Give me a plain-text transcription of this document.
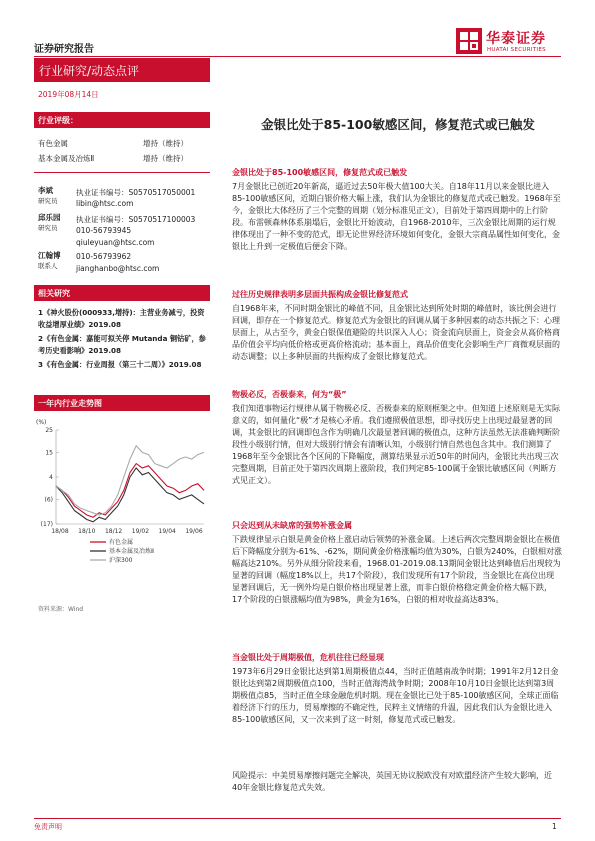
证券研究报告
华泰证券
HUATAI SECURITIES
行业研究/动态点评
2019年08月14日
行业评级：
有色金属	增持（维持）
基本金属及冶炼Ⅱ	增持（维持）
李斌
研究员
执业证书编号：S0570517050001
libin@htsc.com
邱乐园
研究员
执业证书编号：S0570517100003
010-56793945
qiuleyuan@htsc.com
江翰博
联系人
010-56793962
jianghanbo@htsc.com
相关研究
1《神火股份(000933,增持)：主营业务减亏，投资收益增厚业绩》2019.08
2《有色金属：嘉能可拟关停 Mutanda 铜钴矿，参考历史看影响》2019.08
3《有色金属：行业周报（第三十二周）》2019.08
一年内行业走势图
(%)
25
15
4
(6)
(17)
18/08 18/10 18/12 19/02 19/04 19/06
有色金属
基本金属及冶炼Ⅱ
沪深300
资料来源：Wind
金银比处于85-100敏感区间，修复范式或已触发
金银比处于85-100敏感区间，修复范式或已触发
7月金银比已创近20年新高，逼近过去50年极大值100大关。自18年11月以来金银比进入85-100敏感区间，近期白银价格大幅上涨，我们认为金银比的修复范式或已触发。1968年至今，金银比大体经历了三个完整的周期（划分标准见正文），目前处于第四周期中的上行阶段。布雷顿森林体系崩塌后，金银比开始波动，自1968-2010年，三次金银比周期的运行规律体现出了一种不变的范式，即无论世界经济环境如何变化，金银大宗商品属性如何变化，金银比上升到一定极值后便会下降。
过往历史规律表明多层面共振构成金银比修复范式
自1968年来，不同时期金银比的峰值不同，且金银比达到所处时期的峰值时，该比例会进行回调，即存在一个修复范式。修复范式为金银比的回调从属于多种因素的动态共振之下：心理层面上，从古至今，黄金白银保值避险的共识深入人心；资金流向层面上，资金会从高价格商品价值会平均向低价格或更高价格流动；基本面上，商品价值变化会影响生产厂商微观层面的动态调整；以上多种层面的共振构成了金银比修复范式。
物极必反，否极泰来，何为“极”
我们知道事物运行规律从属于物极必反、否极泰来的原则框架之中。但知道上述原则是无实际意义的，如何量化“极”才是核心矛盾。我们遵照极值思想，即寻找历史上出现过最显著的回调，其金银比的回调即包含作为明确几次最显著回调的极值点，这种方法虽然无法准确判断阶段性小级别行情，但对大级别行情会有清晰认知，小级别行情自然也包含其中。我们测算了1968年至今金银比各个区间的下降幅度，测算结果显示近50年的时间内，金银比共出现三次完整周期，目前正处于第四次周期上涨阶段，我们判定85-100属于金银比敏感区间（判断方式见正文）。
只会迟到从未缺席的强势补涨金属
下跌规律显示白银是黄金价格上涨启动后领势的补涨金属。上述后两次完整周期金银比在极值后下降幅度分别为-61%、-62%，期间黄金价格涨幅均值为30%，白银为240%，白银相对涨幅高达210%。另外从细分阶段来看，1968.01-2019.08.13期间金银比达到峰值后出现较为显著的回调（幅度18%以上，共17个阶段），我们发现所有17个阶段，当金银比在高位出现显著回调后，无一例外均是白银价格出现显著上涨，而非白银价格稳定黄金价格大幅下跌，17个阶段的白银涨幅均值为98%，黄金为16%，白银的相对收益高达83%。
当金银比处于周期极值，危机往往已经显现
1973年6月29日金银比达到第1周期极值点44，当时正值越南战争时期；1991年2月12日金银比达到第2周期极值点100，当时正值海湾战争时期；2008年10月10日金银比达到第3周期极值点85，当时正值全球金融危机时期。现在金银比已处于85-100敏感区间，全球正面临着经济下行的压力，贸易摩擦的不确定性，民粹主义情绪的升温，因此我们认为金银比进入85-100敏感区间，又一次来到了这一时刻，修复范式或已触发。
风险提示：中美贸易摩擦问题完全解决，英国无协议脱欧没有对欧盟经济产生较大影响，近40年金银比修复范式失效。
免责声明	1
